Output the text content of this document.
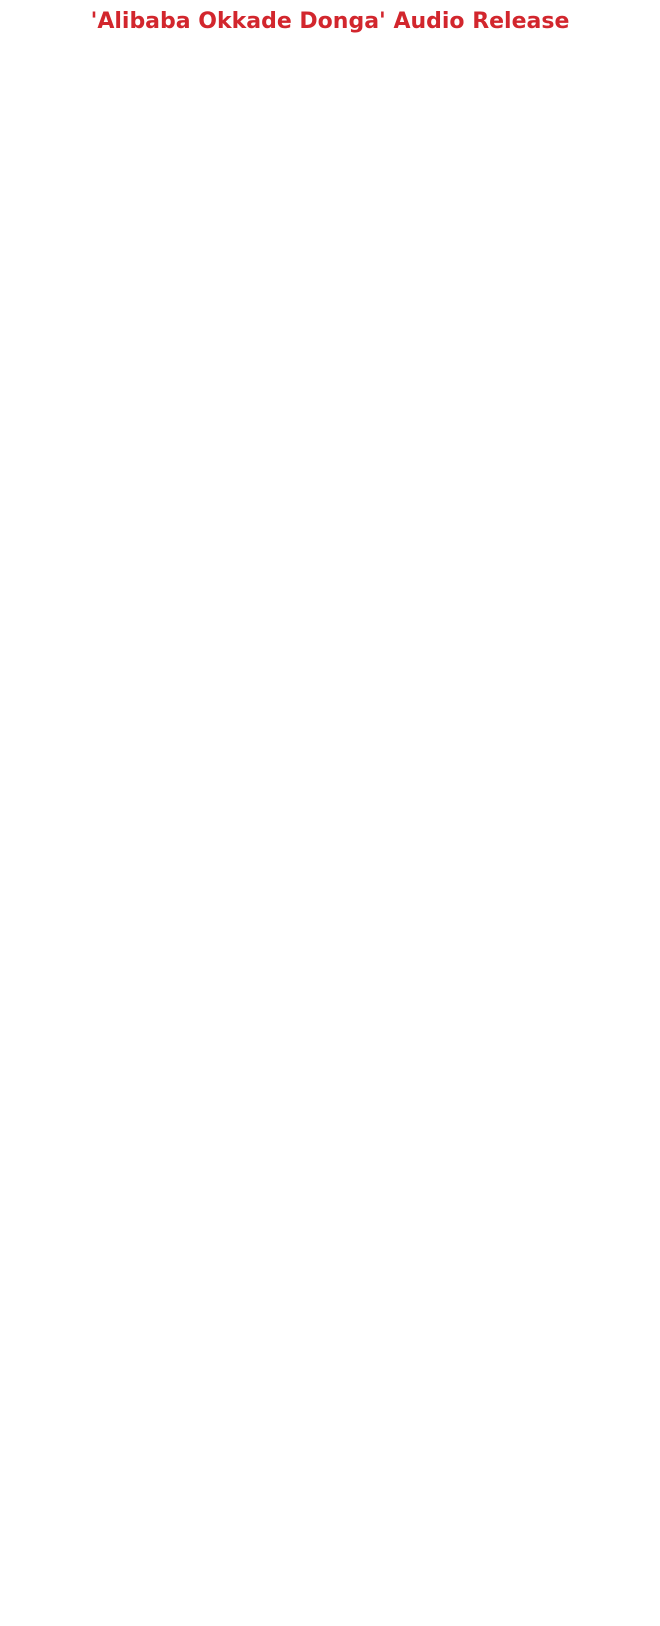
'Alibaba Okkade Donga' Audio Release
